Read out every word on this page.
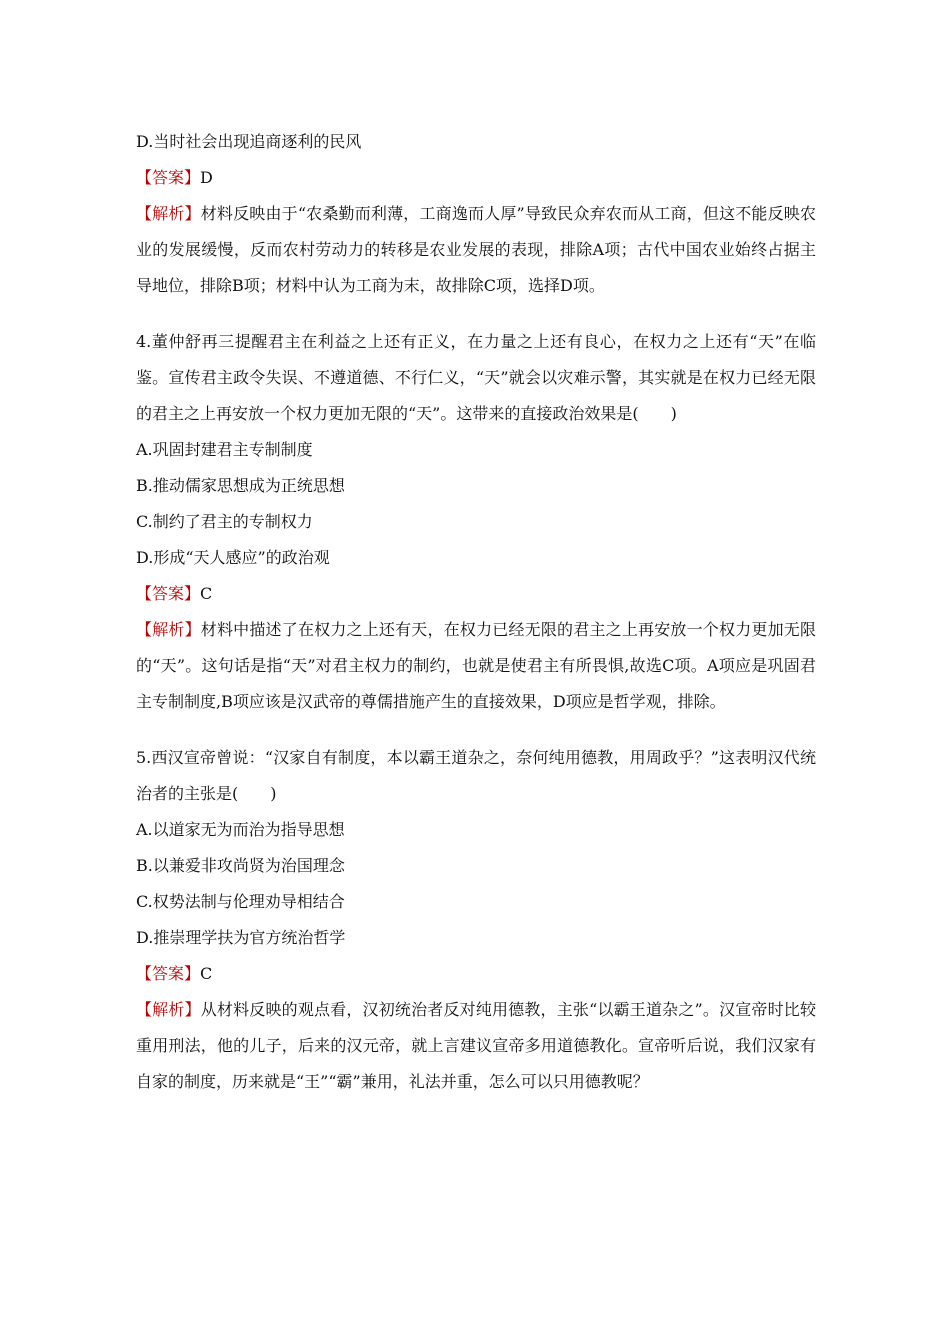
D.当时社会出现追商逐利的民风
【答案】D
【解析】材料反映由于“农桑勤而利薄，工商逸而人厚”导致民众弃农而从工商，但这不能反映农业的发展缓慢，反而农村劳动力的转移是农业发展的表现，排除A项；古代中国农业始终占据主导地位，排除B项；材料中认为工商为末，故排除C项，选择D项。
4.董仲舒再三提醒君主在利益之上还有正义，在力量之上还有良心，在权力之上还有“天”在临鉴。宣传君主政令失误、不遵道德、不行仁义，“天”就会以灾难示警，其实就是在权力已经无限的君主之上再安放一个权力更加无限的“天”。这带来的直接政治效果是(　　)
A.巩固封建君主专制制度
B.推动儒家思想成为正统思想
C.制约了君主的专制权力
D.形成“天人感应”的政治观
【答案】C
【解析】材料中描述了在权力之上还有天，在权力已经无限的君主之上再安放一个权力更加无限的“天”。这句话是指“天”对君主权力的制约，也就是使君主有所畏惧,故选C项。A项应是巩固君主专制制度,B项应该是汉武帝的尊儒措施产生的直接效果，D项应是哲学观，排除。
5.西汉宣帝曾说：“汉家自有制度，本以霸王道杂之，奈何纯用德教，用周政乎？”这表明汉代统治者的主张是(　　)
A.以道家无为而治为指导思想
B.以兼爱非攻尚贤为治国理念
C.权势法制与伦理劝导相结合
D.推崇理学扶为官方统治哲学
【答案】C
【解析】从材料反映的观点看，汉初统治者反对纯用德教，主张“以霸王道杂之”。汉宣帝时比较重用刑法，他的儿子，后来的汉元帝，就上言建议宣帝多用道德教化。宣帝听后说，我们汉家有自家的制度，历来就是“王”“霸”兼用，礼法并重，怎么可以只用德教呢？
